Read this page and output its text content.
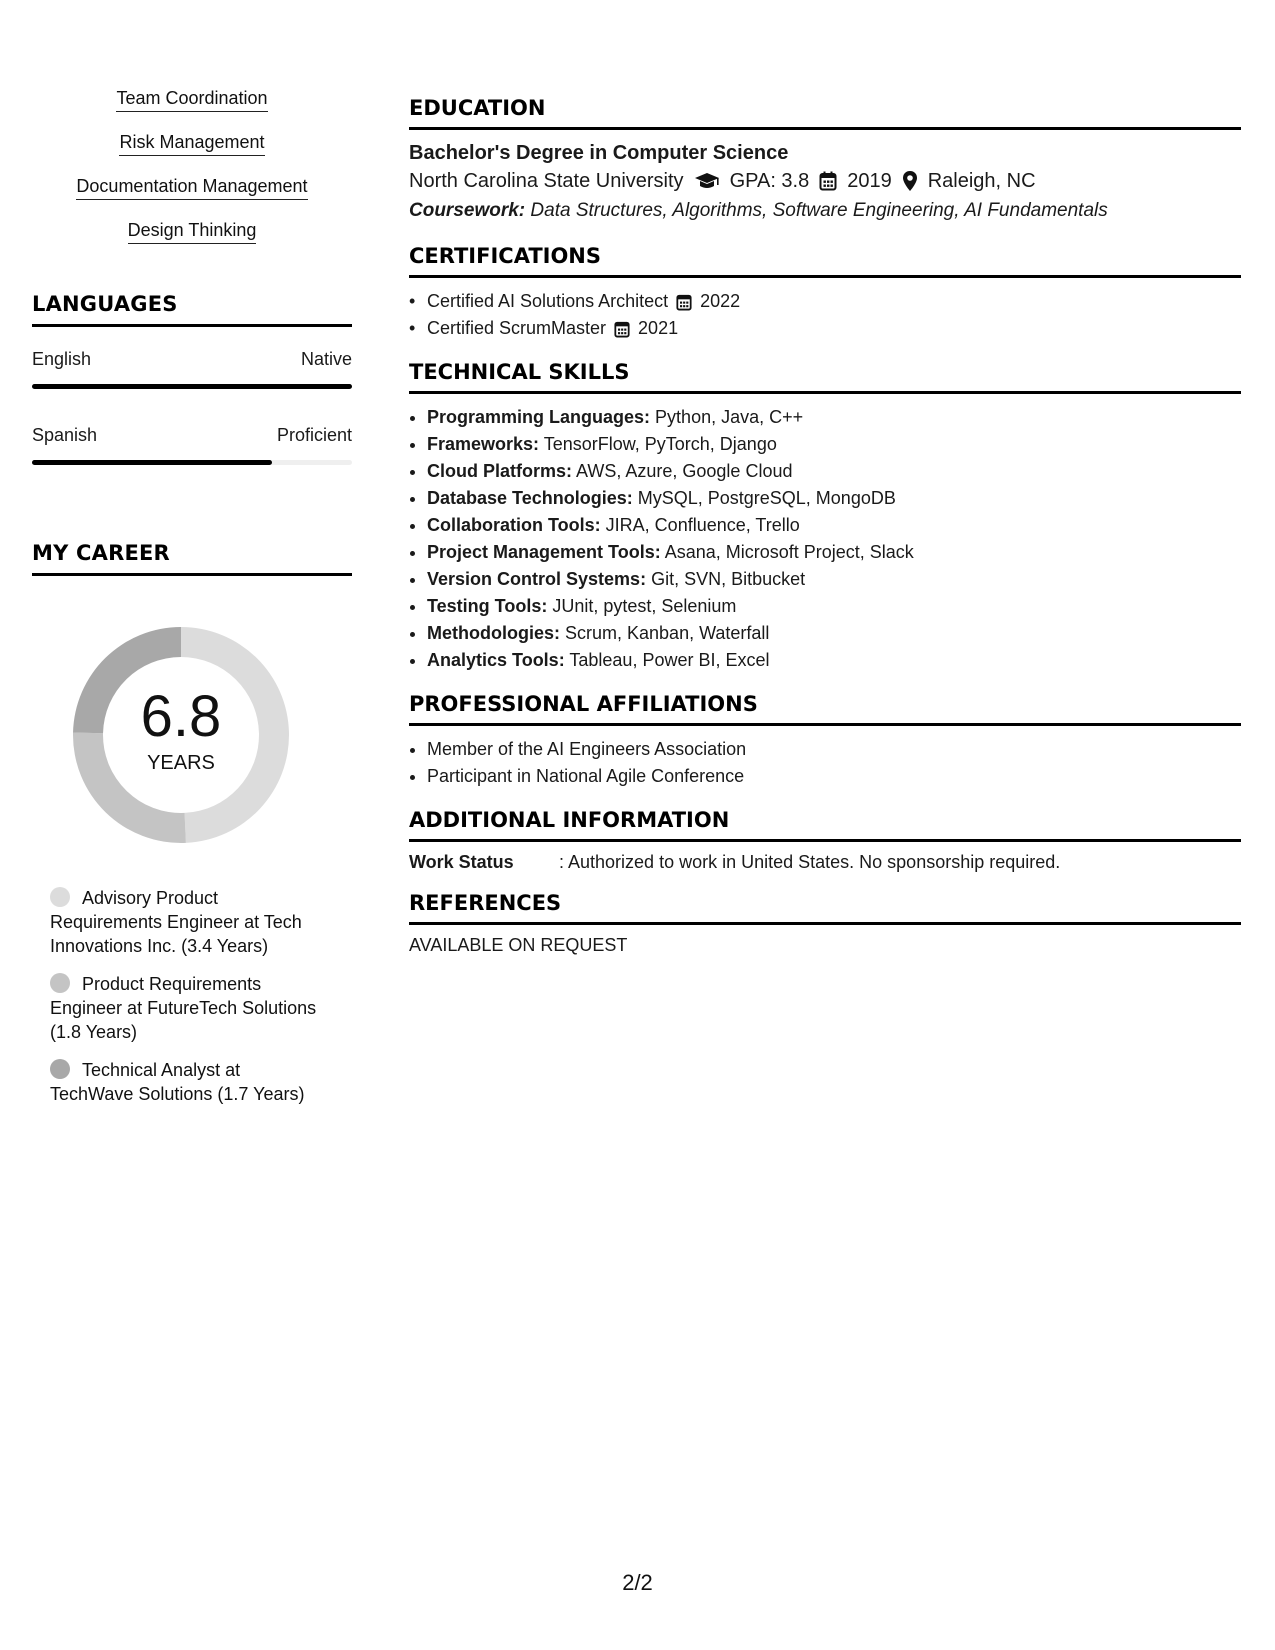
Team Coordination
Risk Management
Documentation Management
Design Thinking
LANGUAGES
English	Native
Spanish	Proficient
MY CAREER
6.8
YEARS
Advisory Product Requirements Engineer at Tech Innovations Inc. (3.4 Years)
Product Requirements Engineer at FutureTech Solutions (1.8 Years)
Technical Analyst at TechWave Solutions (1.7 Years)
EDUCATION
Bachelor's Degree in Computer Science
North Carolina State University GPA: 3.8 2019 Raleigh, NC
Coursework: Data Structures, Algorithms, Software Engineering, AI Fundamentals
CERTIFICATIONS
• Certified AI Solutions Architect 2022
• Certified ScrumMaster 2021
TECHNICAL SKILLS
• Programming Languages: Python, Java, C++
• Frameworks: TensorFlow, PyTorch, Django
• Cloud Platforms: AWS, Azure, Google Cloud
• Database Technologies: MySQL, PostgreSQL, MongoDB
• Collaboration Tools: JIRA, Confluence, Trello
• Project Management Tools: Asana, Microsoft Project, Slack
• Version Control Systems: Git, SVN, Bitbucket
• Testing Tools: JUnit, pytest, Selenium
• Methodologies: Scrum, Kanban, Waterfall
• Analytics Tools: Tableau, Power BI, Excel
PROFESSIONAL AFFILIATIONS
• Member of the AI Engineers Association
• Participant in National Agile Conference
ADDITIONAL INFORMATION
Work Status	: Authorized to work in United States. No sponsorship required.
REFERENCES
AVAILABLE ON REQUEST
2/2
